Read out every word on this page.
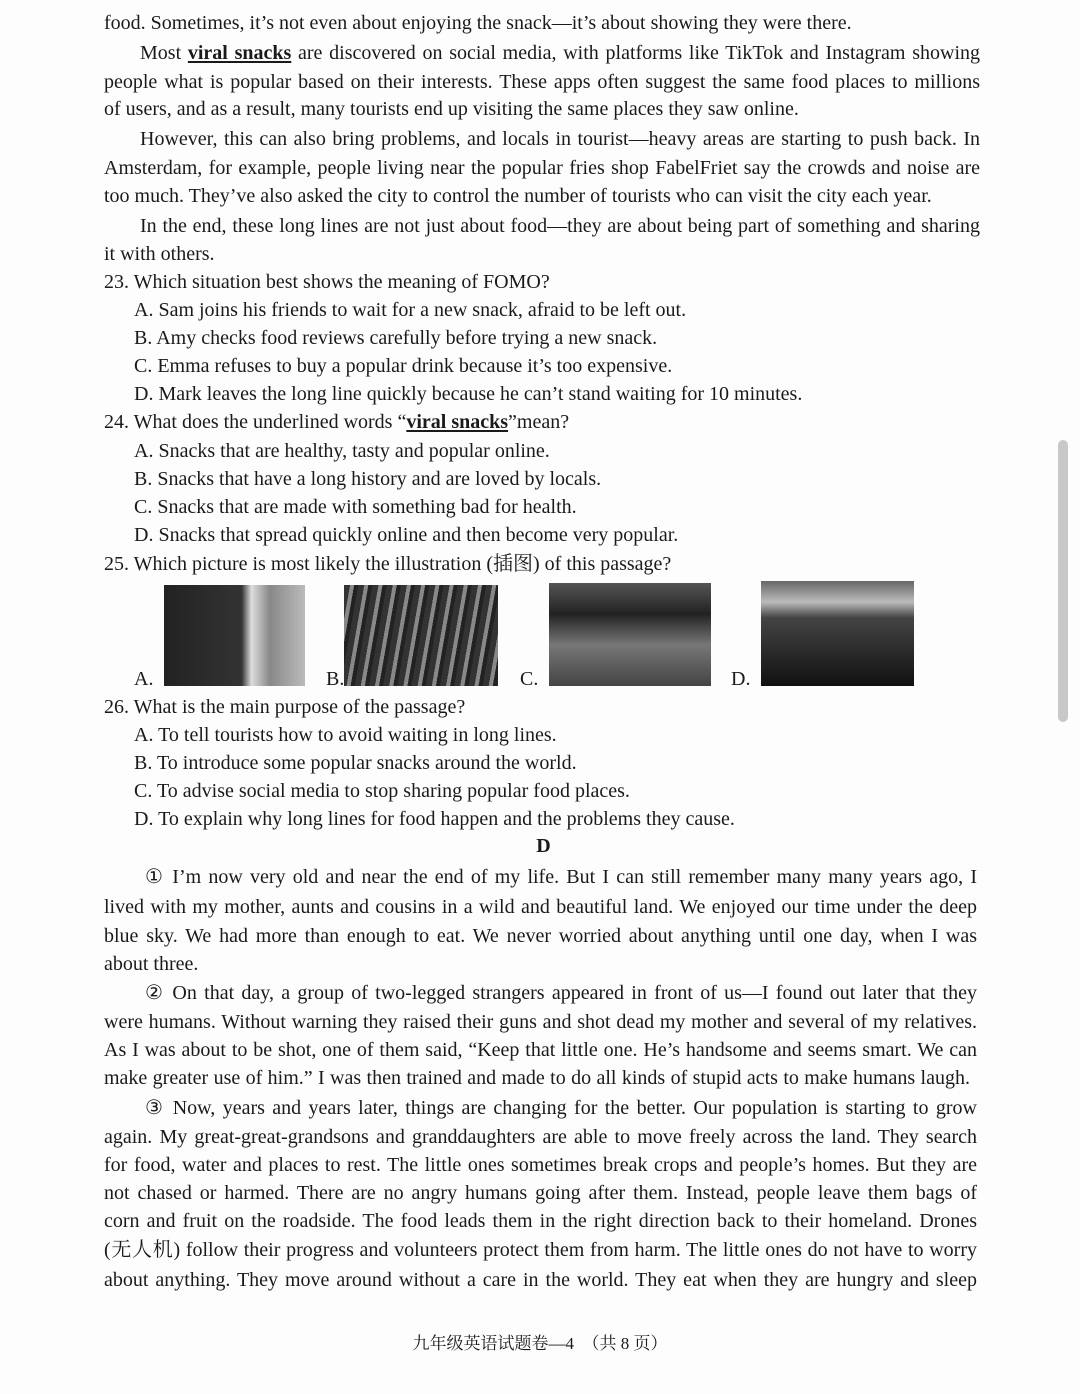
D
九年级英语试题卷—4　（共 8 页）
food. Sometimes, it’s not even about enjoying the snack—it’s about showing they were there.
Most viral snacks are discovered on social media, with platforms like TikTok and Instagram showing
people what is popular based on their interests. These apps often suggest the same food places to millions
of users, and as a result, many tourists end up visiting the same places they saw online.
However, this can also bring problems, and locals in tourist—heavy areas are starting to push back. In
Amsterdam, for example, people living near the popular fries shop FabelFriet say the crowds and noise are
too much. They’ve also asked the city to control the number of tourists who can visit the city each year.
In the end, these long lines are not just about food—they are about being part of something and sharing
it with others.
23. Which situation best shows the meaning of FOMO?
A. Sam joins his friends to wait for a new snack, afraid to be left out.
B. Amy checks food reviews carefully before trying a new snack.
C. Emma refuses to buy a popular drink because it’s too expensive.
D. Mark leaves the long line quickly because he can’t stand waiting for 10 minutes.
24. What does the underlined words “viral snacks”mean?
A. Snacks that are healthy, tasty and popular online.
B. Snacks that have a long history and are loved by locals.
C. Snacks that are made with something bad for health.
D. Snacks that spread quickly online and then become very popular.
25. Which picture is most likely the illustration (插图) of this passage?
26. What is the main purpose of the passage?
A. To tell tourists how to avoid waiting in long lines.
B. To introduce some popular snacks around the world.
C. To advise social media to stop sharing popular food places.
D. To explain why long lines for food happen and the problems they cause.
① I’m now very old and near the end of my life. But I can still remember many many years ago, I
lived with my mother, aunts and cousins in a wild and beautiful land. We enjoyed our time under the deep
blue sky. We had more than enough to eat. We never worried about anything until one day, when I was
about three.
② On that day, a group of two-legged strangers appeared in front of us—I found out later that they
were humans. Without warning they raised their guns and shot dead my mother and several of my relatives.
As I was about to be shot, one of them said, “Keep that little one. He’s handsome and seems smart. We can
make greater use of him.” I was then trained and made to do all kinds of stupid acts to make humans laugh.
③ Now, years and years later, things are changing for the better. Our population is starting to grow
again. My great-great-grandsons and granddaughters are able to move freely across the land. They search
for food, water and places to rest. The little ones sometimes break crops and people’s homes. But they are
not chased or harmed. There are no angry humans going after them. Instead, people leave them bags of
corn and fruit on the roadside. The food leads them in the right direction back to their homeland. Drones
(无人机) follow their progress and volunteers protect them from harm. The little ones do not have to worry
about anything. They move around without a care in the world. They eat when they are hungry and sleep
A.	B.	C.	D.
